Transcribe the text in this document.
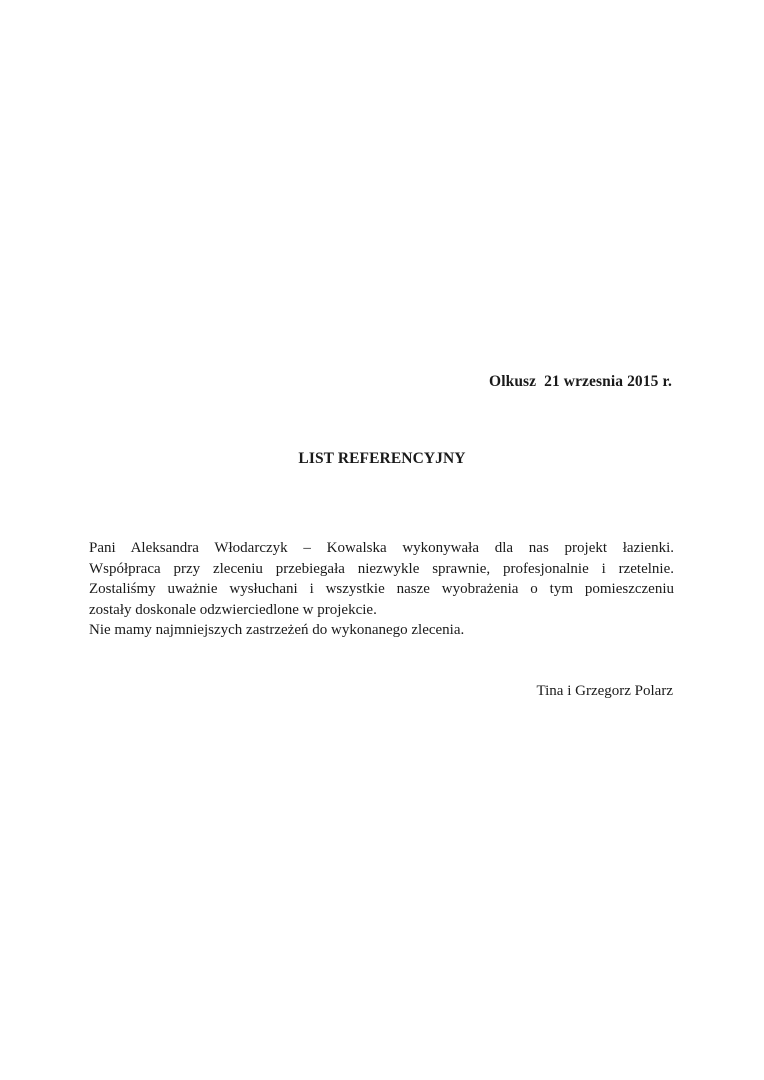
Olkusz  21 wrzesnia 2015 r.
LIST REFERENCYJNY
Pani Aleksandra Włodarczyk – Kowalska wykonywała dla nas projekt łazienki.
Współpraca przy zleceniu przebiegała niezwykle sprawnie, profesjonalnie i rzetelnie.
Zostaliśmy uważnie wysłuchani i wszystkie nasze wyobrażenia o tym pomieszczeniu
zostały doskonale odzwierciedlone w projekcie.
Nie mamy najmniejszych zastrzeżeń do wykonanego zlecenia.
Tina i Grzegorz Polarz
